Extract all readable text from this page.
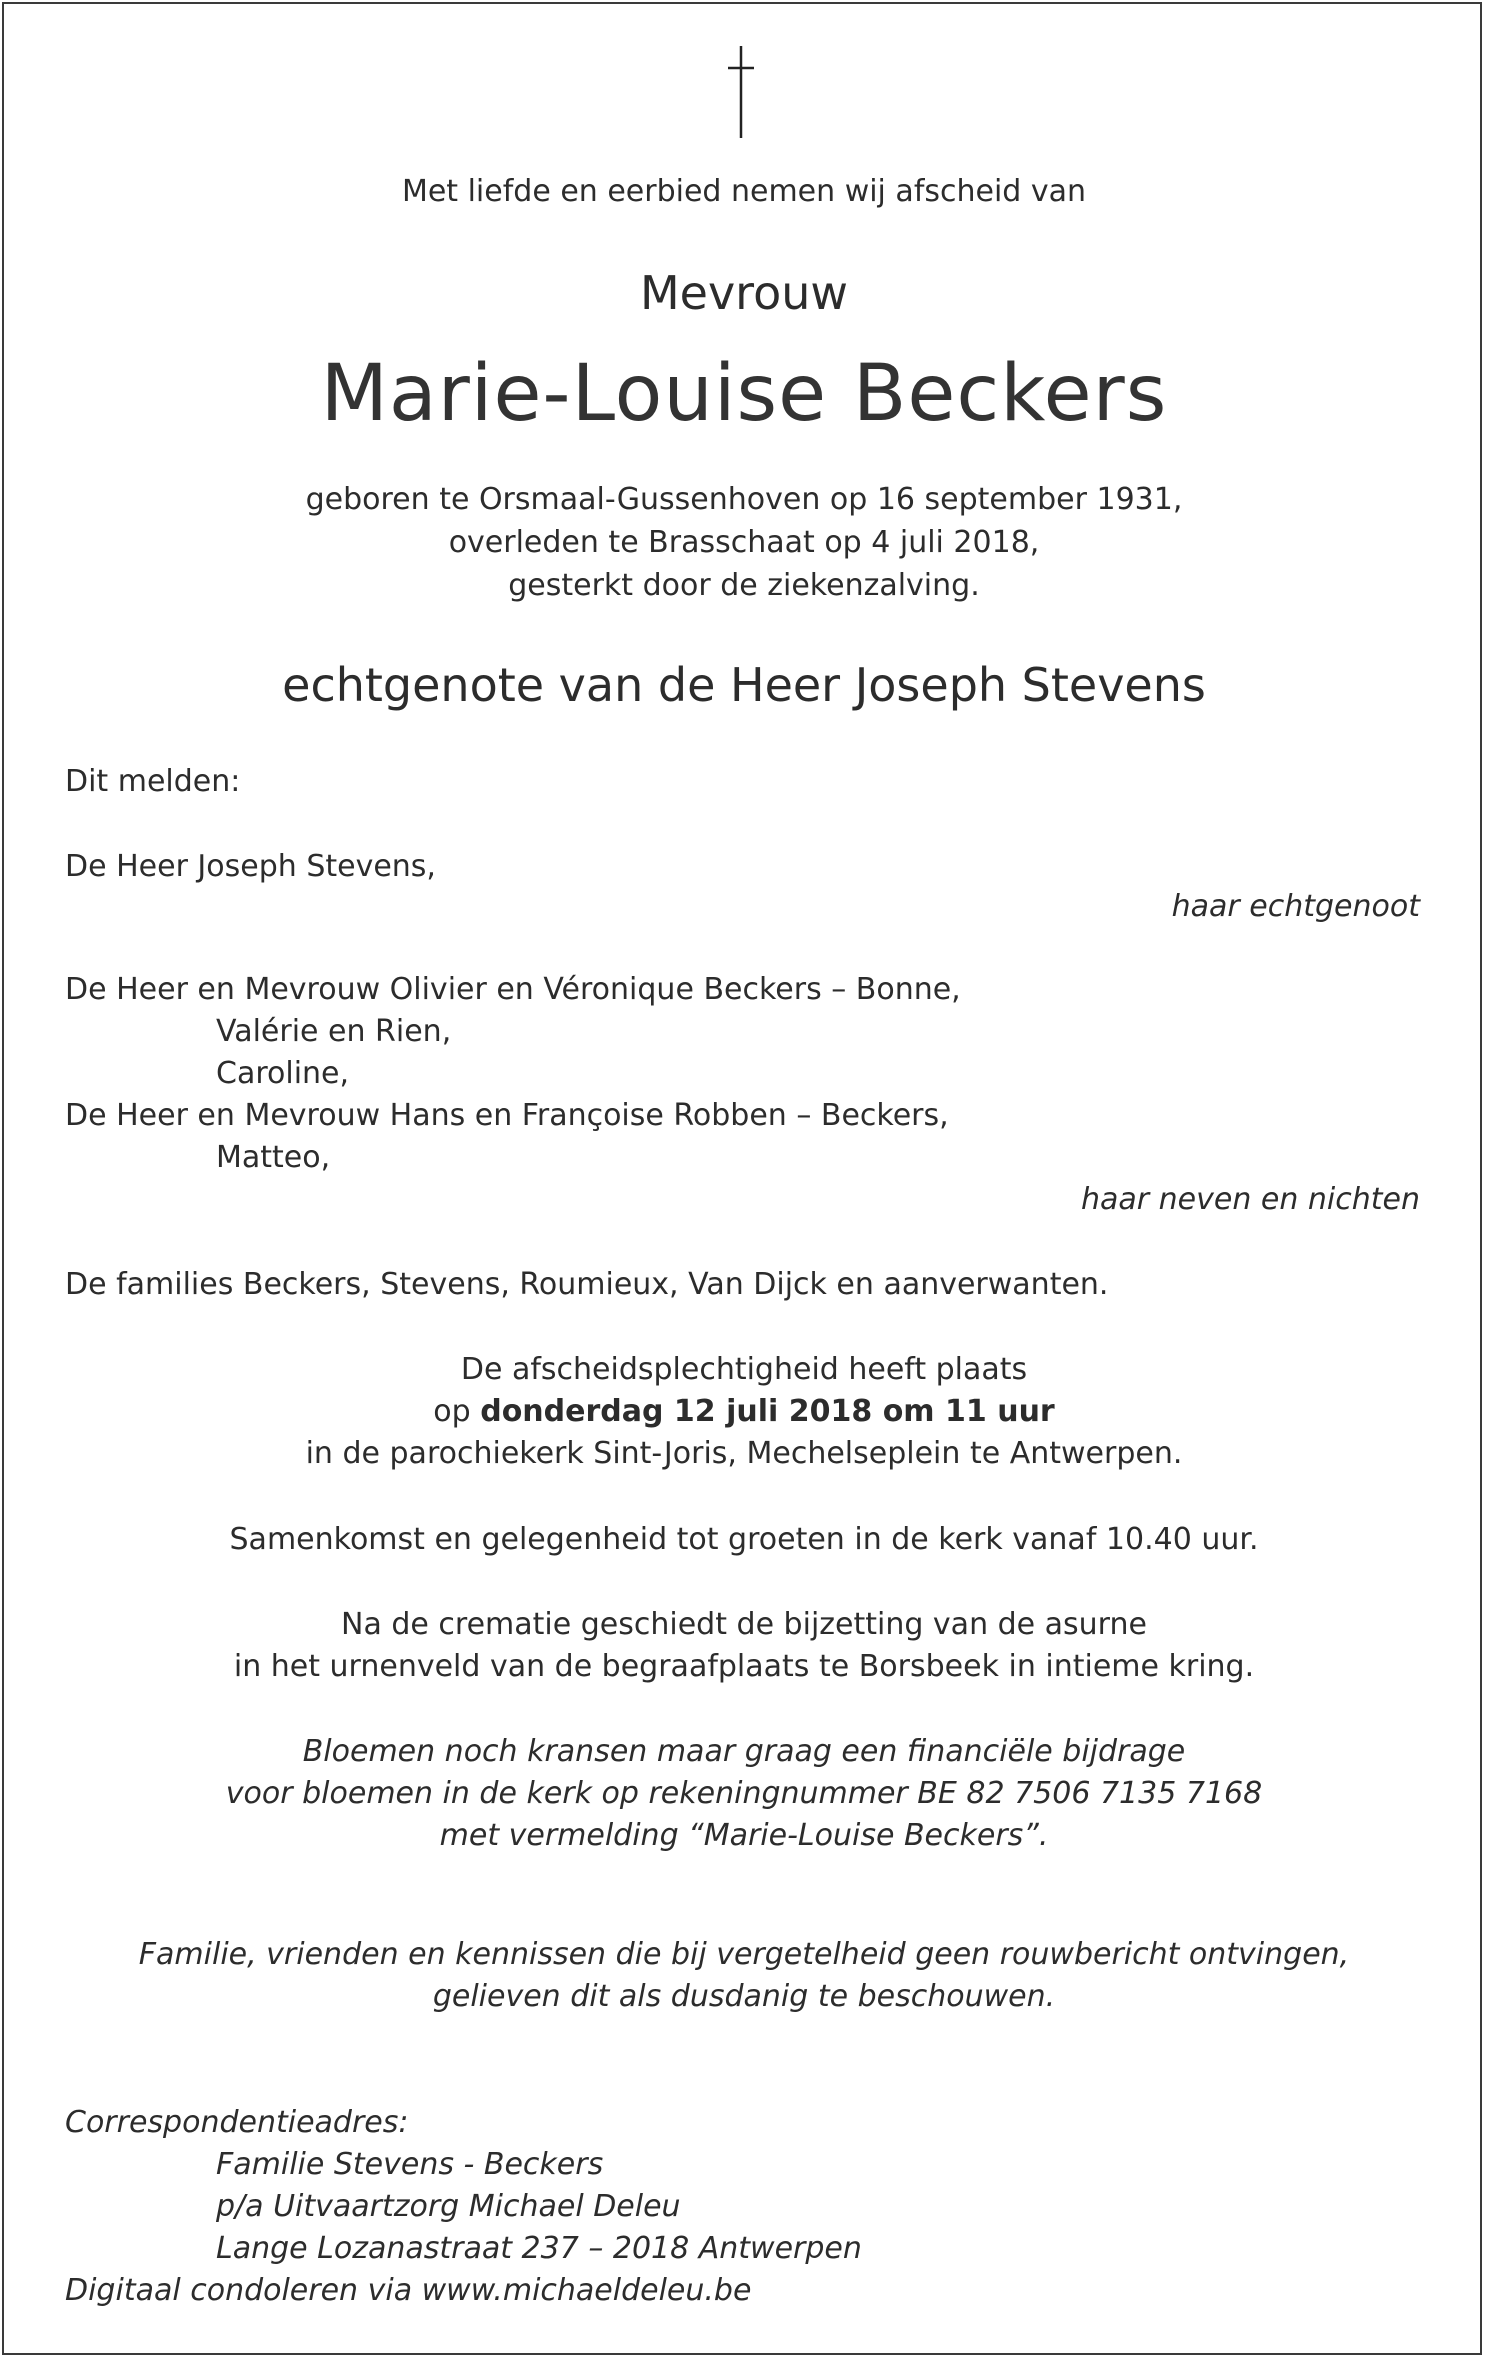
Met liefde en eerbied nemen wij afscheid van
Mevrouw
Marie-Louise Beckers
geboren te Orsmaal-Gussenhoven op 16 september 1931,
overleden te Brasschaat op 4 juli 2018,
gesterkt door de ziekenzalving.
echtgenote van de Heer Joseph Stevens
Dit melden:
De Heer Joseph Stevens,
haar echtgenoot
De Heer en Mevrouw Olivier en Véronique Beckers – Bonne,
Valérie en Rien,
Caroline,
De Heer en Mevrouw Hans en Françoise Robben – Beckers,
Matteo,
haar neven en nichten
De families Beckers, Stevens, Roumieux, Van Dijck en aanverwanten.
De afscheidsplechtigheid heeft plaats
op donderdag 12 juli 2018 om 11 uur
in de parochiekerk Sint-Joris, Mechelseplein te Antwerpen.
Samenkomst en gelegenheid tot groeten in de kerk vanaf 10.40 uur.
Na de crematie geschiedt de bijzetting van de asurne
in het urnenveld van de begraafplaats te Borsbeek in intieme kring.
Bloemen noch kransen maar graag een financiële bijdrage
voor bloemen in de kerk op rekeningnummer BE 82 7506 7135 7168
met vermelding “Marie-Louise Beckers”.
Familie, vrienden en kennissen die bij vergetelheid geen rouwbericht ontvingen,
gelieven dit als dusdanig te beschouwen.
Correspondentieadres:
Familie Stevens - Beckers
p/a Uitvaartzorg Michael Deleu
Lange Lozanastraat 237 – 2018 Antwerpen
Digitaal condoleren via www.michaeldeleu.be
